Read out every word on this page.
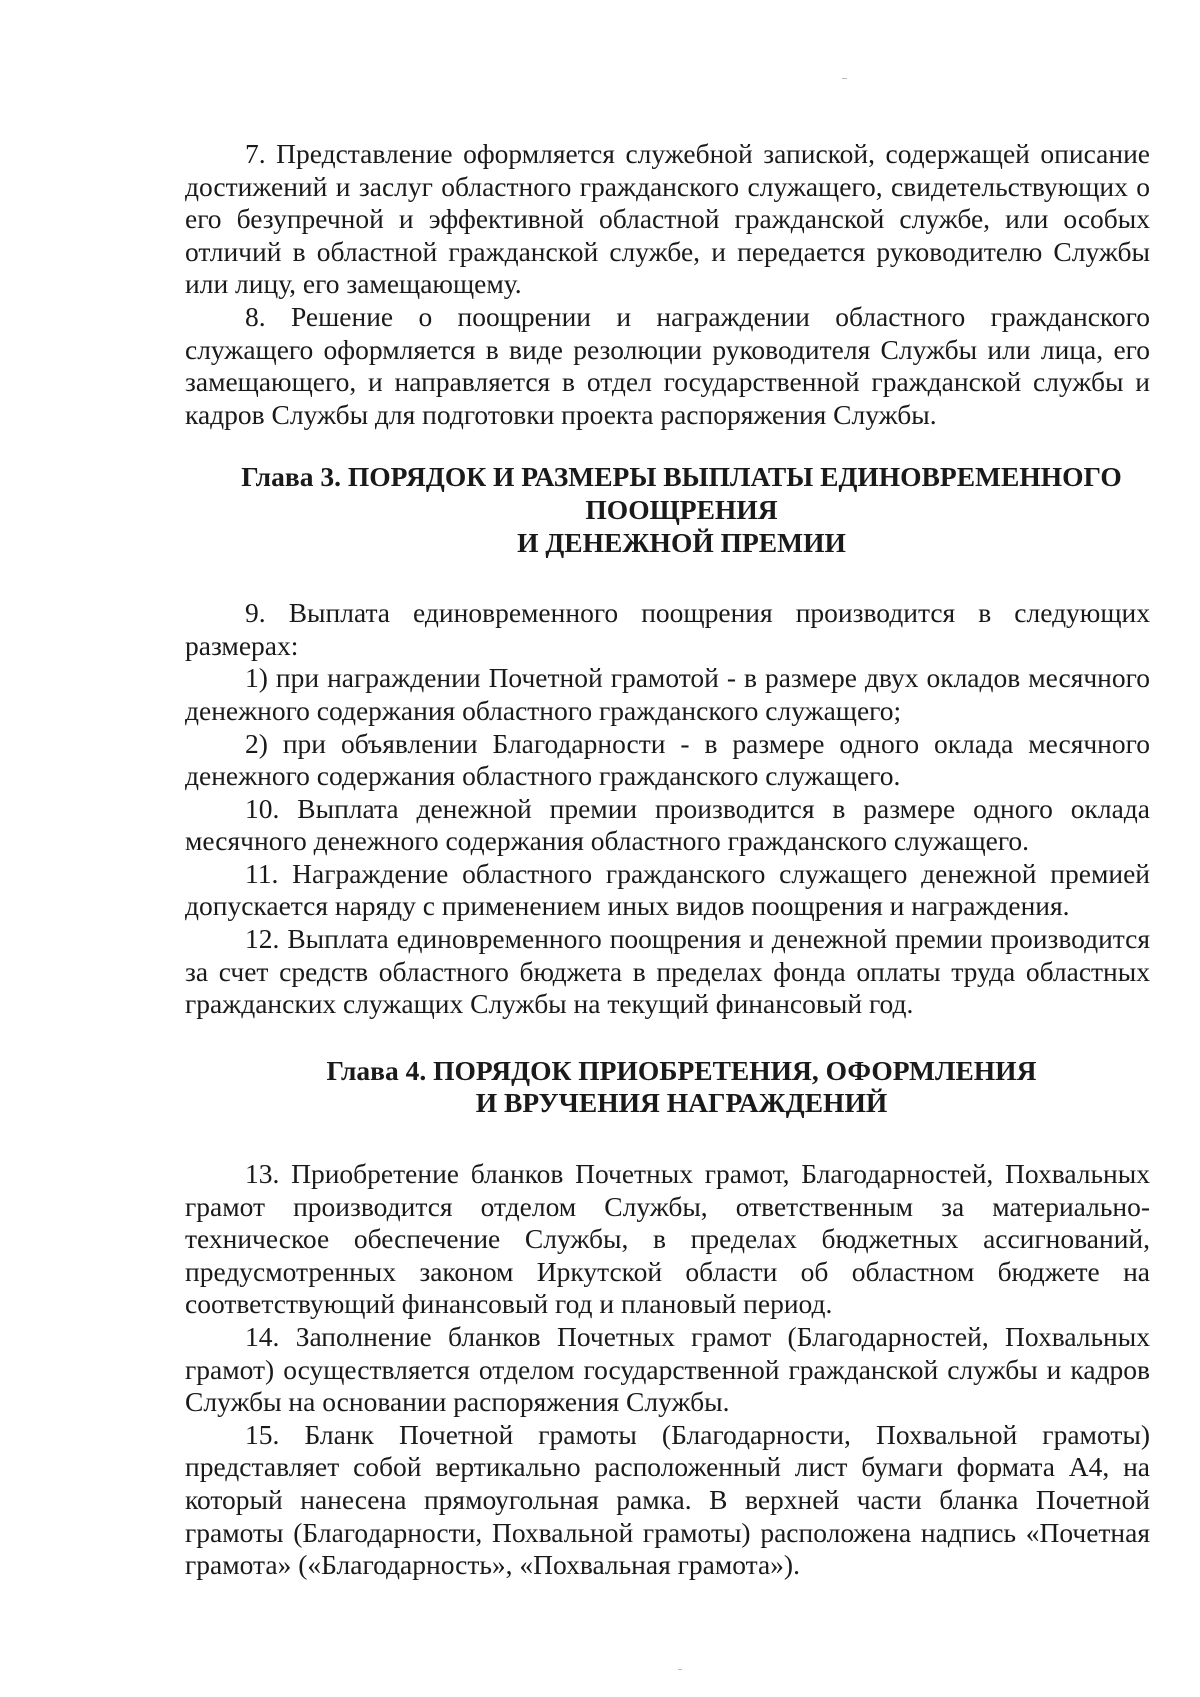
7. Представление оформляется служебной запиской, содержащей описание достижений и заслуг областного гражданского служащего, свидетельствующих о его безупречной и эффективной областной гражданской службе, или особых отличий в областной гражданской службе, и передается руководителю Службы или лицу, его замещающему.

8. Решение о поощрении и награждении областного гражданского служащего оформляется в виде резолюции руководителя Службы или лица, его замещающего, и направляется в отдел государственной гражданской службы и кадров Службы для подготовки проекта распоряжения Службы.

Глава 3. ПОРЯДОК И РАЗМЕРЫ ВЫПЛАТЫ ЕДИНОВРЕМЕННОГО
ПООЩРЕНИЯ
И ДЕНЕЖНОЙ ПРЕМИИ

9. Выплата единовременного поощрения производится в следующих размерах:

1) при награждении Почетной грамотой - в размере двух окладов месячного денежного содержания областного гражданского служащего;

2) при объявлении Благодарности - в размере одного оклада месячного денежного содержания областного гражданского служащего.

10. Выплата денежной премии производится в размере одного оклада месячного денежного содержания областного гражданского служащего.

11. Награждение областного гражданского служащего денежной премией допускается наряду с применением иных видов поощрения и награждения.

12. Выплата единовременного поощрения и денежной премии производится за счет средств областного бюджета в пределах фонда оплаты труда областных гражданских служащих Службы на текущий финансовый год.

Глава 4. ПОРЯДОК ПРИОБРЕТЕНИЯ, ОФОРМЛЕНИЯ
И ВРУЧЕНИЯ НАГРАЖДЕНИЙ

13. Приобретение бланков Почетных грамот, Благодарностей, Похвальных грамот производится отделом Службы, ответственным за материально-техническое обеспечение Службы, в пределах бюджетных ассигнований, предусмотренных законом Иркутской области об областном бюджете на соответствующий финансовый год и плановый период.

14. Заполнение бланков Почетных грамот (Благодарностей, Похвальных грамот) осуществляется отделом государственной гражданской службы и кадров Службы на основании распоряжения Службы.

15. Бланк Почетной грамоты (Благодарности, Похвальной грамоты) представляет собой вертикально расположенный лист бумаги формата А4, на который нанесена прямоугольная рамка. В верхней части бланка Почетной грамоты (Благодарности, Похвальной грамоты) расположена надпись «Почетная грамота» («Благодарность», «Похвальная грамота»).
